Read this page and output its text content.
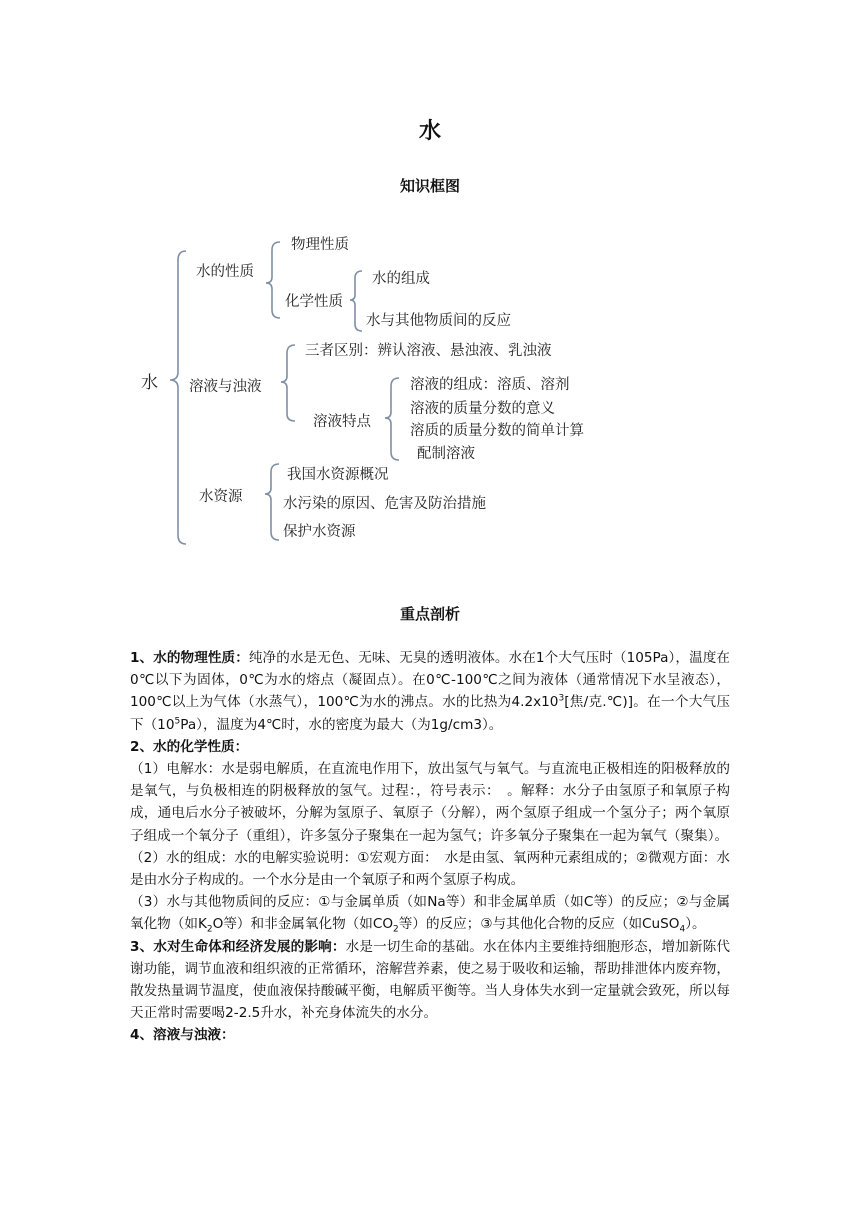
水
知识框图
水
水的性质
物理性质
化学性质
水的组成
水与其他物质间的反应
溶液与浊液
三者区别：辨认溶液、悬浊液、乳浊液
溶液特点
溶液的组成：溶质、溶剂
溶液的质量分数的意义
溶质的质量分数的简单计算
配制溶液
水资源
我国水资源概况
水污染的原因、危害及防治措施
保护水资源
重点剖析

1、水的物理性质：纯净的水是无色、无味、无臭的透明液体。水在1个大气压时（105Pa），温度在0℃以下为固体，0℃为水的熔点（凝固点）。在0℃-100℃之间为液体（通常情况下水呈液态），100℃以上为气体（水蒸气），100℃为水的沸点。水的比热为$4.2x10^3$[焦/克.℃)]。在一个大气压下$(10^5Pa)$，温度为4℃时，水的密度为最大（为1g/cm3）。

2、水的化学性质：

（1）电解水：水是弱电解质，在直流电作用下，放出氢气与氧气。与直流电正极相连的阳极释放的是氧气，与负极相连的阴极释放的氢气。过程：，符号表示：　。解释：水分子由氢原子和氧原子构成，通电后水分子被破坏，分解为氢原子、氧原子（分解），两个氢原子组成一个氢分子；两个氧原子组成一个氧分子（重组），许多氢分子聚集在一起为氢气；许多氧分子聚集在一起为氧气（聚集）。

（2）水的组成：水的电解实验说明：①宏观方面：　水是由氢、氧两种元素组成的；②微观方面：水是由水分子构成的。一个水分是由一个氧原子和两个氢原子构成。

（3）水与其他物质间的反应：①与金属单质（如Na等）和非金属单质（如C等）的反应；②与金属氧化物（如$K_2O$等）和非金属氧化物（如$CO_2$等）的反应；③与其他化合物的反应（如CuSO$_4$）。

3、水对生命体和经济发展的影响：水是一切生命的基础。水在体内主要维持细胞形态，增加新陈代谢功能，调节血液和组织液的正常循环，溶解营养素，使之易于吸收和运输，帮助排泄体内废弃物，散发热量调节温度，使血液保持酸碱平衡，电解质平衡等。当人身体失水到一定量就会致死，所以每天正常时需要喝2-2.5升水，补充身体流失的水分。

4、溶液与浊液：
